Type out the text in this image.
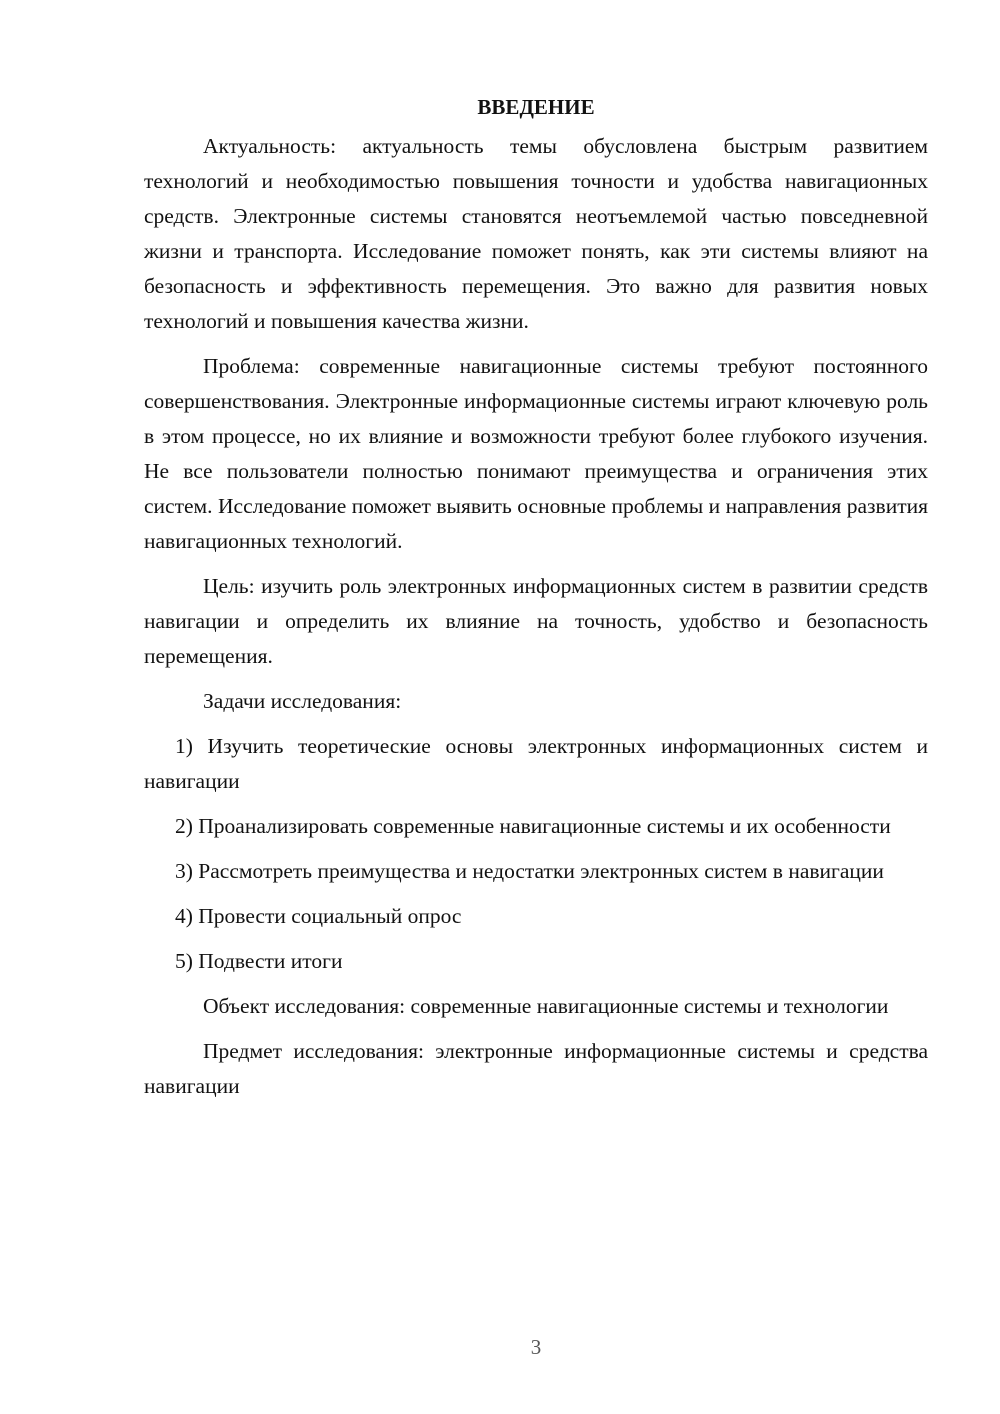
ВВЕДЕНИЕ

Актуальность: актуальность темы обусловлена быстрым развитием технологий и необходимостью повышения точности и удобства навигационных средств. Электронные системы становятся неотъемлемой частью повседневной жизни и транспорта. Исследование поможет понять, как эти системы влияют на безопасность и эффективность перемещения. Это важно для развития новых технологий и повышения качества жизни.

Проблема: современные навигационные системы требуют постоянного совершенствования. Электронные информационные системы играют ключевую роль в этом процессе, но их влияние и возможности требуют более глубокого изучения. Не все пользователи полностью понимают преимущества и ограничения этих систем. Исследование поможет выявить основные проблемы и направления развития навигационных технологий.

Цель: изучить роль электронных информационных систем в развитии средств навигации и определить их влияние на точность, удобство и безопасность перемещения.

Задачи исследования:

1) Изучить теоретические основы электронных информационных систем и навигации

2) Проанализировать современные навигационные системы и их особенности

3) Рассмотреть преимущества и недостатки электронных систем в навигации

4) Провести социальный опрос

5) Подвести итоги

Объект исследования: современные навигационные системы и технологии

Предмет исследования: электронные информационные системы и средства навигации

3
